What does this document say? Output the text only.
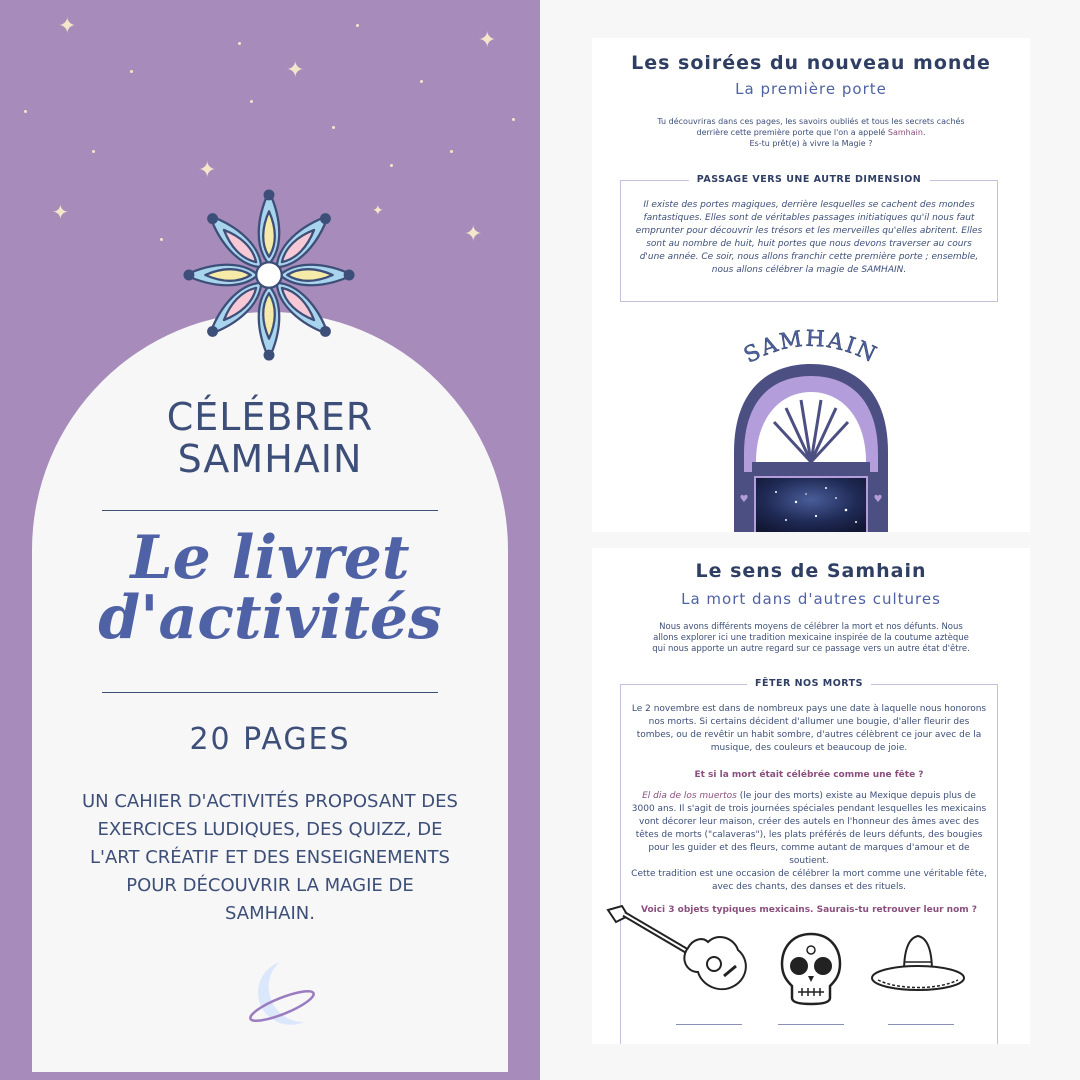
✦
✦
✦
✦
✦
✦
✦
CÉLÉBRER
SAMHAIN
Le livret
d'activités
20 PAGES
UN CAHIER D'ACTIVITÉS PROPOSANT DES EXERCICES LUDIQUES, DES QUIZZ, DE L'ART CRÉATIF ET DES ENSEIGNEMENTS POUR DÉCOUVRIR LA MAGIE DE SAMHAIN.
Les soirées du nouveau monde
La première porte
Tu découvriras dans ces pages, les savoirs oubliés et tous les secrets cachés derrière cette première porte que l'on a appelé Samhain.
Es-tu prêt(e) à vivre la Magie ?
PASSAGE VERS UNE AUTRE DIMENSION
Il existe des portes magiques, derrière lesquelles se cachent des mondes fantastiques. Elles sont de véritables passages initiatiques qu'il nous faut emprunter pour découvrir les trésors et les merveilles qu'elles abritent. Elles sont au nombre de huit, huit portes que nous devons traverser au cours d'une année. Ce soir, nous allons franchir cette première porte ; ensemble, nous allons célébrer la magie de SAMHAIN.
SAMHAIN
♥	♥
Le sens de Samhain
La mort dans d'autres cultures
Nous avons différents moyens de célébrer la mort et nos défunts. Nous allons explorer ici une tradition mexicaine inspirée de la coutume aztèque qui nous apporte un autre regard sur ce passage vers un autre état d'être.
FÊTER NOS MORTS
Le 2 novembre est dans de nombreux pays une date à laquelle nous honorons nos morts. Si certains décident d'allumer une bougie, d'aller fleurir des tombes, ou de revêtir un habit sombre, d'autres célèbrent ce jour avec de la musique, des couleurs et beaucoup de joie.
Et si la mort était célébrée comme une fête ?
El dia de los muertos (le jour des morts) existe au Mexique depuis plus de 3000 ans. Il s'agit de trois journées spéciales pendant lesquelles les mexicains vont décorer leur maison, créer des autels en l'honneur des âmes avec des têtes de morts ("calaveras"), les plats préférés de leurs défunts, des bougies pour les guider et des fleurs, comme autant de marques d'amour et de soutient.
Cette tradition est une occasion de célébrer la mort comme une véritable fête, avec des chants, des danses et des rituels.
Voici 3 objets typiques mexicains. Saurais-tu retrouver leur nom ?
